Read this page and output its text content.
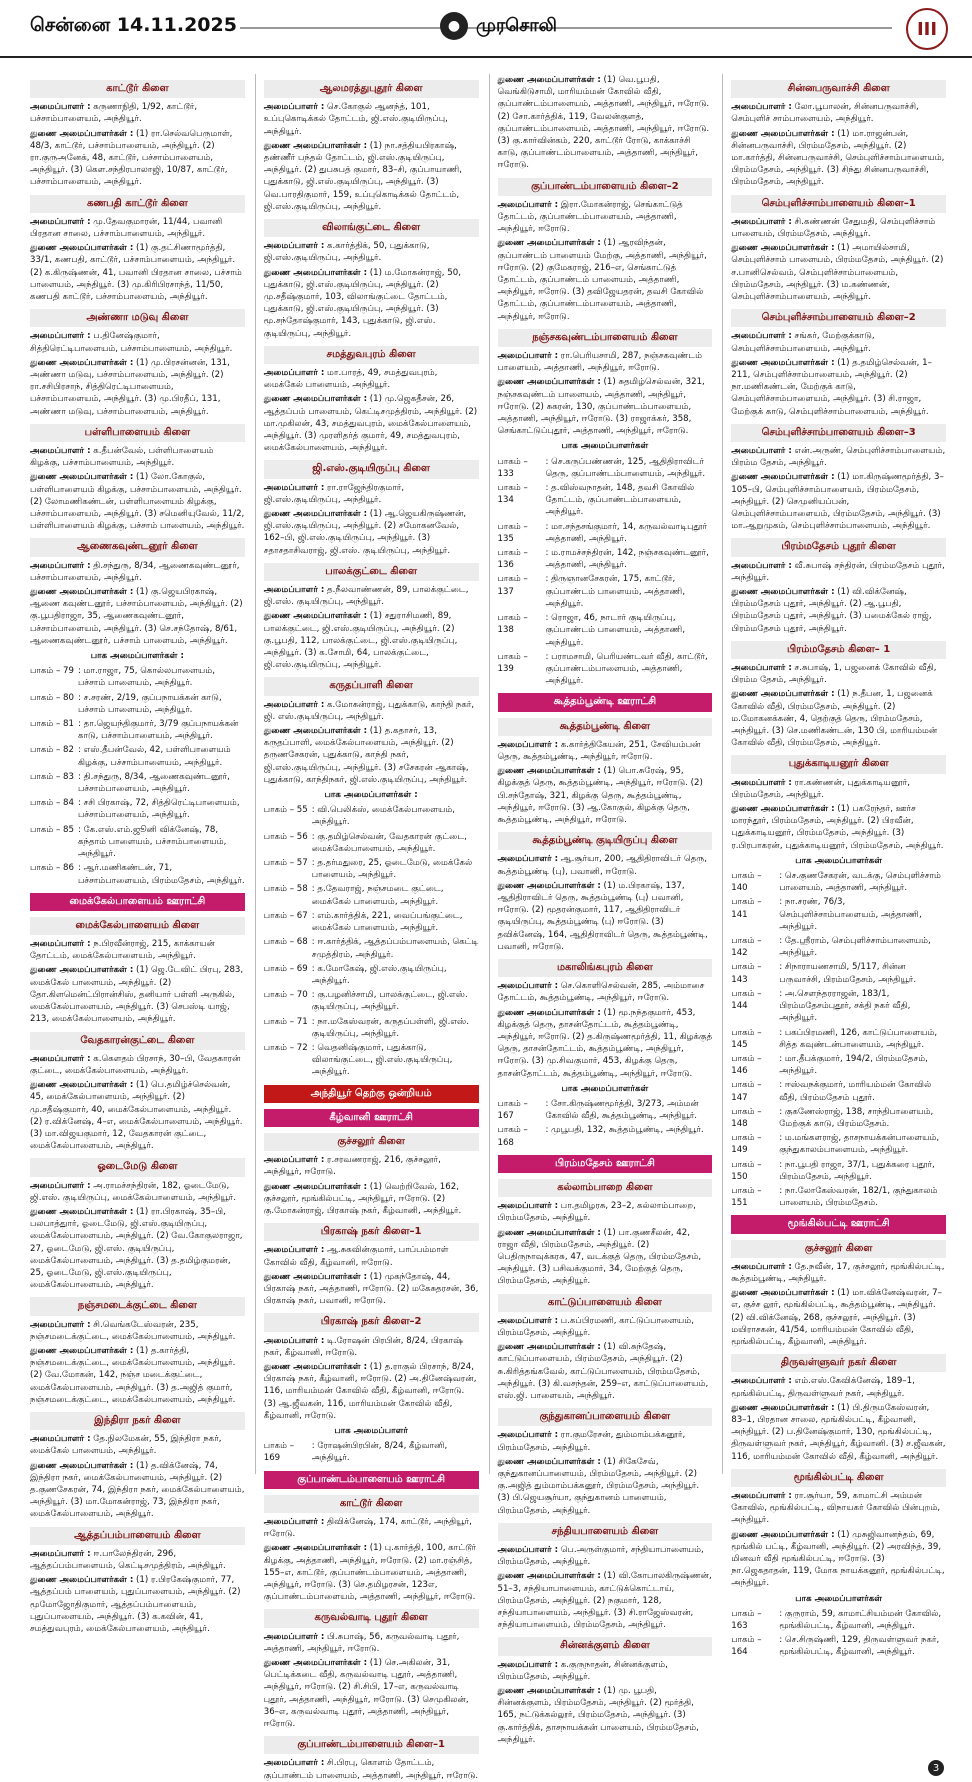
சென்னை 14.11.2025	● முரசொலி	III
காட்டூர் கிளை
அமைப்பாளர் : கருணாநிதி, 1/92, காட்டூர், பச்சாம்பாளையம், அந்தியூர்.
துணை அமைப்பாளர்கள் : (1) ரா.செல்வபெருமாள், 48/3, காட்டூர், பச்சாம்பாளையம், அந்தியூர். (2) ரா.குருஅனேக், 48, காட்டூர், பச்சாம்பாளையம், அந்தியூர். (3) கௌ.சந்திரபாலாஜி, 10/87, காட்டூர், பச்சாம்பாளையம், அந்தியூர்.
கணபதி காட்டூர் கிளை
அமைப்பாளர் : மு.தேவகுமாரன், 11/44, பவானி பிரதான சாலை, பச்சாம்பாளையம், அந்தியூர்.
துணை அமைப்பாளர்கள் : (1) கு.தட்சிணாமூர்த்தி, 33/1, கணபதி, காட்டூர், பச்சாம்பாளையம், அந்தியூர். (2) க.கிருஷ்ணன், 41, பவானி பிரதான சாலை, பச்சாம் பாளையம், அந்தியூர். (3) மு.கிரிபிரசாந்த், 11/50, கணபதி காட்டூர், பச்சாம்பாளையம், அந்தியூர்.
அண்ணா மடுவு கிளை
அமைப்பாளர் : ப.தினேஷ்குமார், சித்திரெட்டிபாளையம், பச்சாம்பாளையம், அந்தியூர்.
துணை அமைப்பாளர்கள் : (1) மு.பிரசன்னன், 131, அண்ணா மடுவு, பச்சாம்பாளையம், அந்தியூர். (2) ரா.சசிபிரசாந், சித்திரெட்டிபாளையம், பச்சாம்பாளையம், அந்தியூர். (3) மு.பிரதீப், 131, அண்ணா மடுவு, பச்சாம்பாளையம், அந்தியூர்.
பள்ளிபாளையம் கிளை
அமைப்பாளர் : க.தீபன்வேல், பள்ளிபாளையம் கிழக்கு, பச்சாம்பாளையம், அந்தியூர்.
துணை அமைப்பாளர்கள் : (1) லோ.கோகுல், பள்ளிபாளையம் கிழக்கு, பச்சாம்பாளையம், அந்தியூர். (2) லோமணிகண்டன், பள்ளிபாளையம் கிழக்கு, பச்சாம்பாளையம், அந்தியூர். (3) சமெனியுவேல், 11/2, பள்ளிபாளையம் கிழக்கு, பச்சாம் பாளையம், அந்தியூர்.
ஆணைகவுண்டனூர் கிளை
அமைப்பாளர் : தி.சந்துரு, 8/34, ஆணைகவுண்டனூர், பச்சாம்பாளையம், அந்தியூர்.
துணை அமைப்பாளர்கள் : (1) கு.ஜெயபிரகாஷ், ஆணை கவுண்டனூர், பச்சாம்பாளையம், அந்தியூர். (2) கு.பூபதிராஜா, 35, ஆணைகவுண்டனூர், பச்சாம்பாளையம், அந்தியூர். (3) செ.சந்தோஷ், 8/61, ஆணைகவுண்டனூர், பச்சாம் பாளையம், அந்தியூர்.
பாக அமைப்பாளர்கள் :
பாகம் – 79 : மா.ராஜா, 75, கொல்லபாளையம், பச்சாம் பாளையம், அந்தியூர்.
பாகம் – 80 : ச.சரண், 2/19, குப்பநாயக்கன் காடு, பச்சாம் பாளையம், அந்தியூர்.
பாகம் – 81 : தா.ஜெயந்திகுமார், 3/79 குப்பநாயக்கன் காடு, பச்சாம்பாளையம், அந்தியூர்.
பாகம் – 82 : எஸ்.தீபன்வேல், 42, பள்ளிபாளையம் கிழக்கு, பச்சாம்பாளையம், அந்தியூர்.
பாகம் – 83 : தி.சந்துரு, 8/34, ஆணைகவுண்டனூர், பச்சாம்பாளையம், அந்தியூர்.
பாகம் – 84 : சசி பிரகாஷ், 72, சித்திரெட்டிபாளையம், பச்சாம்பாளையம், அந்தியூர்.
பாகம் – 85 : கே.எஸ்.எம்.ஜூனி விக்னேஷ், 78, கந்தாம் பாளையம், பச்சாம்பாளையம், அந்தியூர்.
பாகம் – 86 : ஆர்.மணிகண்டன், 71, பச்சாம்பாளையம், பிரம்மதேசம், அந்தியூர்.
மைக்கேல்பாளையம் ஊராட்சி
மைக்கேல்பாளையம் கிளை
அமைப்பாளர் : ந.பிரவீன்ராஜ், 215, காக்காயன் தோட்டம், மைக்கேல்பாளையம், அந்தியூர்.
துணை அமைப்பாளர்கள் : (1) ஜெ.டேவிட் பிரபு, 283, மைக்கேல் பாளையம், அந்தியூர். (2) தோ.கிளமென்ட்பிரான்சிஸ், தனியார் பள்ளி அருகில், மைக்கேல்பாளையம், அந்தியூர். (3) செபஸ்டி யாஜ், 213, மைக்கேல்பாளையம், அந்தியூர்.
வேதகாரன்குட்டை கிளை
அமைப்பாளர் : க.கௌதம் பிரசாந், 30–பி, வேதகாரன் குட்டை, மைக்கேல்பாளையம், அந்தியூர்.
துணை அமைப்பாளர்கள் : (1) பெ.தமிழ்ச்செல்வன், 45, மைக்கேல்பாளையம், அந்தியூர். (2) மு.சதீஷ்குமார், 40, மைக்கேல்பாளையம், அந்தியூர். (2) ர.விக்னேஷ், 4–எ, மைக்கேல்பாளையம், அந்தியூர். (3) மா.விஜயகுமார், 12, வேதகாரன் குட்டை, மைக்கேல்பாளையம், அந்தியூர்.
ஓடைமேடு கிளை
அமைப்பாளர் : அ.ராமச்சந்திரன், 182, ஓடைமேடு, ஜி.எஸ். குடியிருப்பு, மைக்கேல்பாளையம், அந்தியூர்.
துணை அமைப்பாளர்கள் : (1) ரா.பிரகாஷ், 35–பி, பலபாத்துார், ஓடைமேடு, ஜி.எஸ்.குடியிருப்பு, மைக்கேல்பாளையம், அந்தியூர். (2) வே.கோகுலராஜா, 27, ஓடைமேடு, ஜி.எஸ். குடியிருப்பு, மைக்கேல்பாளையம், அந்தியூர். (3) த.தமிழ்குமரன், 25, ஓடைமேடு, ஜி.எஸ்.குடியிருப்பு, மைக்கேல்பாளையம், அந்தியூர்.
நஞ்சமடைக்குட்டை கிளை
அமைப்பாளர் : சி.வெங்கடேஸ்வரன், 235, நஞ்சமடைக்குட்டை, மைக்கேல்பாளையம், அந்தியூர்.
துணை அமைப்பாளர்கள் : (1) த.கார்த்தி, நஞ்சமடைக்குட்டை, மைக்கேல்பாளையம், அந்தியூர். (2) வே.மோகன், 142, நஞ்ச மடைக்குட்டை, மைக்கேல்பாளையம், அந்தியூர். (3) த.அஜித் குமார், நஞ்சமடைக்குட்டை, மைக்கேல்பாளையம், அந்தியூர்.
இந்திரா நகர் கிளை
அமைப்பாளர் : தே.நிலமேகன், 55, இந்திரா நகர், மைக்கேல் பாளையம், அந்தியூர்.
துணை அமைப்பாளர்கள் : (1) த.விக்னேஷ், 74, இந்திரா நகர், மைக்கேல்பாளையம், அந்தியூர். (2) த.குணசேகரன், 74, இந்திரா நகர், மைக்கேல்பாளையம், அந்தியூர். (3) மா.மோகன்ராஜ், 73, இந்திரா நகர், மைக்கேல்பாளையம், அந்தியூர்.
ஆத்தப்பம்பாளையம் கிளை
அமைப்பாளர் : ஈ.பாலேந்திரன், 296, ஆத்தப்பம்பாளையம், கெட்டிசமுத்திரம், அந்தியூர்.
துணை அமைப்பாளர்கள் : (1) ர.பிரகேஷ்குமார், 77, ஆத்தப்பம் பாளையம், புதுப்பாளையம், அந்தியூர். (2) மூமோஜோதிகுமார், ஆத்தப்பம்பாளையம், புதுப்பாளையம், அந்தியூர். (3) க.கவின், 41, சமத்துவபுரம், மைக்கேல்பாளையம், அந்தியூர்.
ஆலமரத்துபுதூர் கிளை
அமைப்பாளர் : செ.கோகுல் ஆனந்த், 101, உப்புகொடிக்கல் தோட்டம், ஜி.எஸ்.குடியிருப்பு, அந்தியூர்.
துணை அமைப்பாளர்கள் : (1) நா.சத்தியபிரகாஷ், தண்ணீர் பந்தல் தோட்டம், ஜி.எஸ்.குடியிருப்பு, அந்தியூர். (2) துபசுபத் குமார், 83–சி, குப்பாயாணி, புதுக்காடு, ஜி.எஸ்.குடியிருப்பு, அந்தியூர். (3) வெ.பாரதிகுமார், 159, உப்புகொடிக்கல் தோட்டம், ஜி.எஸ்.குடியிருப்பு, அந்தியூர்.
விலாங்குட்டை கிளை
அமைப்பாளர் : க.கார்த்திக், 50, புதுக்காடு, ஜி.எஸ்.குடியிருப்பு, அந்தியூர்.
துணை அமைப்பாளர்கள் : (1) ம.மோகன்ராஜ், 50, புதுக்காடு, ஜி.எஸ்.குடியிருப்பு, அந்தியூர். (2) மு.சதீஷ்குமார், 103, விலாங்குட்டை தோட்டம், புதுக்காடு, ஜி.எஸ்.குடியிருப்பு, அந்தியூர். (3) மூ.சந்தோஷ்குமார், 143, புதுக்காடு, ஜி.எஸ். குடியிருப்பு, அந்தியூர்.
சமத்துவபுரம் கிளை
அமைப்பாளர் : மா.பாரத், 49, சமத்துவபுரம், மைக்கேல் பாளையம், அந்தியூர்.
துணை அமைப்பாளர்கள் : (1) மு.ஜெகதீசன், 26, ஆத்தப்பம் பாளையம், கெட்டிசமுத்திரம், அந்தியூர். (2) மா.முகிலன், 43, சமத்துவபுரம், மைக்கேல்பாளையம், அந்தியூர். (3) முரளிதர்த் குமார், 49, சமத்துவபுரம், மைக்கேல்பாளையம், அந்தியூர்.
ஜி.எஸ்.குடியிருப்பு கிளை
அமைப்பாளர் : ரா.ராஜேந்திரகுமார், ஜி.எஸ்.குடியிருப்பு, அந்தியூர்.
துணை அமைப்பாளர்கள் : (1) ஆ.ஜெயகிருஷ்ணன், ஜி.எஸ்.குடியிருப்பு, அந்தியூர். (2) சமோகனவேல், 162–பி, ஜி.எஸ்.குடியிருப்பு, அந்தியூர். (3) சதாசதாசிவராஜ், ஜி.எஸ். குடியிருப்பு, அந்தியூர்.
பாலக்குட்டை கிளை
அமைப்பாளர் : த.நீலவாண்ணன், 89, பாலக்குட்டை, ஜி.எஸ். குடியிருப்பு, அந்தியூர்.
துணை அமைப்பாளர்கள் : (1) சதுராசிமணி, 89, பாலக்குட்டை, ஜி.எஸ்.குடியிருப்பு, அந்தியூர். (2) கு.பூபதி, 112, பாலக்குட்டை, ஜி.எஸ்.குடியிருப்பு, அந்தியூர். (3) க.சோமி, 64, பாலக்குட்டை, ஜி.எஸ்.குடியிருப்பு, அந்தியூர்.
கருதப்பாளி கிளை
அமைப்பாளர் : க.மோகன்ராஜ், புதுக்காடு, காந்தி நகர், ஜி. எஸ்.குடியிருப்பு, அந்தியூர்.
துணை அமைப்பாளர்கள் : (1) த.கதாசர், 13, கருதப்பாளி, மைக்கேல்பாளையம், அந்தியூர். (2) தருணசேகரன், புதுக்காடு, காந்தி நகர், ஜி.எஸ்.குடியிருப்பு, அந்தியூர். (3) சசேகரன் ஆகாஷ், புதுக்காடு, காந்திநகர், ஜி.எஸ்.குடியிருப்பு, அந்தியூர்.
பாக அமைப்பாளர்கள் :
பாகம் – 55 : வி.பெலிக்ஸ், மைக்கேல்பாளையம், அந்தியூர்.
பாகம் – 56 : கு.தமிழ்செல்வன், வேதகாரன் குட்டை, மைக்கேல்பாளையம், அந்தியூர்.
பாகம் – 57 : த.தர்மதுரை, 25, ஓடைமேடு, மைக்கேல் பாளையம், அந்தியூர்.
பாகம் – 58 : த.தேவராஜ், நஞ்சமடை குட்டை, மைக்கேல் பாளையம், அந்தியூர்.
பாகம் – 67 : எம்.கார்த்திக், 221, வைப்பங்குட்டை, மைக்கேல் பாளையம், அந்தியூர்.
பாகம் – 68 : ஈ.கார்த்திக், ஆத்தப்பம்பாளையம், கெட்டி சமுத்திரம், அந்தியூர்.
பாகம் – 69 : க.மோகேஷ், ஜி.எஸ்.குடியிருப்பு, அந்தியூர்.
பாகம் – 70 : கு.பழனிச்சாமி, பாலக்குட்டை, ஜி.எஸ். குடியிருப்பு, அந்தியூர்.
பாகம் – 71 : நா.மகேஸ்வரன், கருதப்பள்ளி, ஜி.எஸ். குடியிருப்பு, அந்தியூர்.
பாகம் – 72 : வெதனிஷ்குமார், புதுக்காடு, விலாங்குட்டை, ஜி.எஸ்.குடியிருப்பு, அந்தியூர்.
அந்தியூர் தெற்கு ஒன்றியம்
கீழ்வானி ஊராட்சி
குச்சலூர் கிளை
அமைப்பாளர் : ர.சரவணராஜ், 216, குச்சலூர், அந்தியூர், ஈரோடு.
துணை அமைப்பாளர்கள் : (1) வெற்றிவேல், 162, குச்சலூர், மூங்கில்பட்டி, அந்தியூர், ஈரோடு. (2) கு.மோகன்ராஜ், பிரகாஷ் நகர், கீழ்வானி, அந்தியூர்.
பிரகாஷ் நகர் கிளை–1
அமைப்பாளர் : ஆ.சுகவின்குமார், பாப்பம்மாள் கோவில் வீதி, கீழ்வானி, ஈரோடு.
துணை அமைப்பாளர்கள் : (1) முகந்தோஷ், 44, பிரகாஷ் நகர், அத்தாணி, ஈரோடு. (2) மகேசுதரசன், 36, பிரகாஷ் நகர், பவானி, ஈரோடு.
பிரகாஷ் நகர் கிளை–2
அமைப்பாளர் : டி.ரோஷன் பிரபின், 8/24, பிரகாஷ் நகர், கீழ்வானி, ஈரோடு.
துணை அமைப்பாளர்கள் : (1) த.ராகுல் பிரசாந், 8/24, பிரகாஷ் நகர், கீழ்வானி, ஈரோடு. (2) அ.தினேஷ்வரன், 116, மாரியம்மன் கோவில் வீதி, கீழ்வானி, ஈரோடு. (3) ஆ.ஜீவகன், 116, மாரியம்மன் கோவில் வீதி, கீழ்வானி, ஈரோடு.
பாக அமைப்பாளர்
பாகம் – 169
: ரோஷன்பிரபின், 8/24, கீழ்வானி, அந்தியூர்.
குப்பாண்டம்பாளையம் ஊராட்சி
காட்டூர் கிளை
அமைப்பாளர் : திவிக்னேஷ், 174, காட்டூர், அந்தியூர், ஈரோடு.
துணை அமைப்பாளர்கள் : (1) பு.கார்த்தி, 100, காட்டூர் கிழக்கு, அத்தாணி, அந்தியூர், ஈரோடு. (2) மா.ரஞ்சித், 155–எ, காட்டூர், குப்பாண்டம்பாளையம், அத்தாணி, அந்தியூர், ஈரோடு. (3) செ.தமிழரசன், 123எ, குப்பாண்டம்பாளையம், அத்தாணி, அந்தியூர், ஈரோடு.
கருவல்வாடி புதூர் கிளை
அமைப்பாளர் : பி.சுபாஷ், 56, கருவல்வாடி புதூர், அத்தாணி, அந்தியூர், ஈரோடு.
துணை அமைப்பாளர்கள் : (1) செ.அகிலன், 31, பெட்டிக்கடை வீதி, கருவல்வாடி புதூர், அத்தாணி, அந்தியூர், ஈரோடு. (2) சி.சிபி, 17–எ, கருவல்வாடி புதூர், அத்தாணி, அந்தியூர், ஈரோடு. (3) செமுகிலன், 36–எ, கருவல்வாடி புதூர், அத்தாணி, அந்தியூர், ஈரோடு.
குப்பாண்டம்பாளையம் கிளை–1
அமைப்பாளர் : சி.பிரபு, கொளம் தோட்டம், குப்பாண்டம் பாளையம், அத்தாணி, அந்தியூர், ஈரோடு.
துணை அமைப்பாளர்கள் : (1) வெ.பூபதி, வெங்கிடுசாமி, மாரியம்மன் கோவில் வீதி, குப்பாண்டம்பாளையம், அத்தாணி, அந்தியூர், ஈரோடு. (2) சோ.கார்த்திக், 119, வேலன்குளத், குப்பாண்டம்பாளையம், அத்தாணி, அந்தியூர், ஈரோடு. (3) கு.கார்வின்கம், 220, காட்டூர் ரோடு, காக்காச்சி காடு, குப்பாண்டம்பாளையம், அத்தாணி, அந்தியூர், ஈரோடு.
குப்பாண்டம்பாளையம் கிளை–2
அமைப்பாளர் : இரா.மோகன்ராஜ், செங்காட்டுத் தோட்டம், குப்பாண்டம்பாளையம், அத்தாணி, அந்தியூர், ஈரோடு.
துணை அமைப்பாளர்கள் : (1) ஆரவிந்தன், குப்பாண்டம் பாளையம் மேற்கு, அத்தாணி, அந்தியூர், ஈரோடு. (2) குமேகராஜ், 216–எ, செங்காட்டுத் தோட்டம், குப்பாண்டம் பாளையம், அத்தாணி, அந்தியூர், ஈரோடு. (3) தவிஜேயதரன், தவசி கோவில் தோட்டம், குப்பாண்டம்பாளையம், அத்தாணி, அந்தியூர், ஈரோடு.
நஞ்சகவுண்டம்பாளையம் கிளை
அமைப்பாளர் : ரா.பெரியசாமி, 287, நஞ்சகவுண்டம் பாளையம், அத்தாணி, அந்தியூர், ஈரோடு.
துணை அமைப்பாளர்கள் : (1) சுதமிழ்செல்வன், 321, நஞ்சகவுண்டம் பாளையம், அத்தாணி, அந்தியூர், ஈரோடு. (2) சுகரன், 130, குப்பாண்டம்பாளையம், அத்தாணி, அந்தியூர், ஈரோடு. (3) ராஜாக்கர், 358, செங்காட்டுப்புதூர், அத்தாணி, அந்தியூர், ஈரோடு.
பாக அமைப்பாளர்கள்
பாகம் – 133
: செ.கருப்பண்ணன், 125, ஆதிதிராவிடர் தெரு, குப்பாண்டம்பாளையம், அந்தியூர்.
பாகம் – 134
: த.விஸ்வநாதன், 148, தவசி கோவில் தோட்டம், குப்பாண்டம்பாளையம், அந்தியூர்.
பாகம் – 135
: மா.சந்தசங்குமார், 14, கருவல்வாடிபுதூர் அத்தாணி, அந்தியூர்.
பாகம் – 136
: ம.ராமச்சந்திரன், 142, நஞ்சகவுண்டனூர், அத்தாணி, அந்தியூர்.
பாகம் – 137
: திருஞானசேகரன், 175, காட்டூர், குப்பாண்டம் பாளையம், அத்தாணி, அந்தியூர்.
பாகம் – 138
: ரொஜா, 46, நாடார் குடியிருப்பு, குப்பாண்டம் பாளையம், அத்தாணி, அந்தியூர்.
பாகம் – 139
: பராமசாமி, பெரியண்டவர் வீதி, காட்டூர், குப்பாண்டம்பாளையம், அத்தாணி, அந்தியூர்.
கூத்தம்பூண்டி ஊராட்சி
கூத்தம்பூண்டி கிளை
அமைப்பாளர் : க.கார்த்திகேயன், 251, சேவியம்பன் தெரு, கூத்தம்பூண்டி, அந்தியூர், ஈரோடு.
துணை அமைப்பாளர்கள் : (1) பொ.சுரேஷ், 95, கிழக்குத் தெரு, கூத்தம்பூண்டி, அந்தியூர், ஈரோடு. (2) பி.சந்தோஷ், 321, கிழக்கு தெரு, கூத்தம்பூண்டி, அந்தியூர், ஈரோடு. (3) ஆ.கோகுல், கிழக்கு தெரு, கூத்தம்பூண்டி, அந்தியூர், ஈரோடு.
கூத்தம்பூண்டி குடியிருப்பு கிளை
அமைப்பாளர் : ஆ.சூர்யா, 200, ஆதிதிராவிடர் தெரு, கூத்தம்பூண்டி (பு), பவானி, ஈரோடு.
துணை அமைப்பாளர்கள் : (1) ம.பிரகாஷ், 137, ஆதிதிராவிடர் தெரு, கூத்தம்பூண்டி (பு) பவானி, ஈரோடு. (2) மூதரன்குமார், 117, ஆதிதிராவிடர் குடியிருப்பு, கூத்தம்பூண்டி (பு) ஈரோடு. (3) தவிக்னேஷ், 164, ஆதிதிராவிடர் தெரு, கூத்தம்பூண்டி, பவானி, ஈரோடு.
மகாலிங்கபுரம் கிளை
அமைப்பாளர் : செ.கொளிசெல்வன், 285, அம்மாசை தோட்டம், கூத்தம்பூண்டி, அந்தியூர், ஈரோடு.
துணை அமைப்பாளர்கள் : (1) மூ.நந்தகுமார், 453, கிழக்குத் தெரு, தாசன்தோட்டம், கூத்தம்பூண்டி, அந்தியூர், ஈரோடு. (2) த.கிருஷ்ணமூர்த்தி, 11, கிழக்குத் தெரு, தாசன்தோட்டம், கூத்தம்பூண்டி, அந்தியூர், ஈரோடு. (3) மு.சிவகுமார், 453, கிழக்கு தெரு, தாசன்தோட்டம், கூத்தம்பூண்டி, அந்தியூர், ஈரோடு.
பாக அமைப்பாளர்கள்
பாகம் – 167
: சோ.கிருஷ்ணமூர்த்தி, 3/273, அம்மன் கோவில் வீதி, கூத்தம்பூண்டி, அந்தியூர்.
பாகம் – 168
: முபூபதி, 132, கூத்தம்பூண்டி, அந்தியூர்.
பிரம்மதேசம் ஊராட்சி
கல்லாம்பாறை கிளை
அமைப்பாளர் : பா.தமிழரசு, 23–2, கல்லாம்பாறை, பிரம்மதேசம், அந்தியூர்.
துணை அமைப்பாளர்கள் : (1) பா.குணசீலன், 42, ராஜா வீதி, பிரம்மதேசம், அந்தியூர். (2) பெதிருநாவுக்கரசு, 47, வடக்குத் தெரு, பிரம்மதேசம், அந்தியூர். (3) பசிவக்குமார், 34, மேற்குத் தெரு, பிரம்மதேசம், அந்தியூர்.
காட்டுப்பாளையம் கிளை
அமைப்பாளர் : ப.கப்பிரமணி, காட்டுப்பாளையம், பிரம்மதேசம், அந்தியூர்.
துணை அமைப்பாளர்கள் : (1) வி.சுந்தேஷ், காட்டுப்பாளையம், பிரம்மதேசம், அந்தியூர். (2) சு.கிரித்தங்கவேல், காட்டுப்பாளையம், பிரம்மதேசம், அந்தியூர். (3) கி.வசந்தன், 259–எ, காட்டுப்பாளையம், எஸ்.ஜி. பாளையம், அந்தியூர்.
குந்துகானப்பாளையம் கிளை
அமைப்பாளர் : ரா.குமரேசன், தும்மாம்பக்கனூர், பிரம்மதேசம், அந்தியூர்.
துணை அமைப்பாளர்கள் : (1) சிகேசேவ், குந்துகானப்பாளையம், பிரம்மதேசம், அந்தியூர். (2) கு.அஜித் தும்மாம்பக்கனூர், பிரம்மதேசம், அந்தியூர். (3) பி.ஜெயசூர்யா, குந்துகானம் பாளையம், பிரம்மதேசம், அந்தியூர்.
சந்தியபாளையம் கிளை
அமைப்பாளர் : பெ.அருள்குமார், சந்தியாபாளையம், பிரம்மதேசம், அந்தியூர்.
துணை அமைப்பாளர்கள் : (1) வி.கோபாலகிருஷ்ணன், 51–3, சந்தியாபாளையம், காட்டுக்கொட்டாய், பிரம்மதேசம், அந்தியூர். (2) நகுமார், 128, சந்தியாபாளையம், அந்தியூர். (3) சி.ராஜேஸ்வரன், சந்தியாபாளையம், பிரம்மதேசம், அந்தியூர்.
சின்னக்குளம் கிளை
அமைப்பாளர் : க.குருநாதன், சின்னக்குளம், பிரம்மதேசம், அந்தியூர்.
துணை அமைப்பாளர்கள் : (1) மு. பூபதி, சின்னக்குளம், பிரம்மதேசம், அந்தியூர். (2) மூர்த்தி, 165, நட்டுக்கல்லூர், பிரம்மதேசம், அந்தியூர். (3) கு.கார்த்திக், தாசநாயக்கன் பாளையம், பிரம்மதேசம், அந்தியூர்.
சின்னபருவாச்சி கிளை
அமைப்பாளர் : லோ.பூபாலன், சின்னபருவாச்சி, செம்புளிச் சாம்பாளையம், அந்தியூர்.
துணை அமைப்பாளர்கள் : (1) மா.ராஜன்பன், சின்னபருவாச்சி, பிரம்மதேசம், அந்தியூர். (2) மா.கார்த்தி, சின்னபருவாச்சி, செம்புளிச்சாம்பாளையம், பிரம்மதேசம், அந்தியூர். (3) சிந்து சின்னபருவாச்சி, பிரம்மதேசம், அந்தியூர்.
செம்புளிச்சாம்பாளையம் கிளை–1
அமைப்பாளர் : சி.கண்ணன் சேதுமதி, செம்புளிச்சாம் பாளையம், பிரம்மதேசம், அந்தியூர்.
துணை அமைப்பாளர்கள் : (1) அமாயில்சாமி, செம்புளிச்சாம் பாளையம், பிரம்மதேசம், அந்தியூர். (2) ச.பானிசெல்வம், செம்புளிச்சாம்பாளையம், பிரம்மதேசம், அந்தியூர். (3) ம.கண்ணன், செம்புளிச்சாம்பாளையம், அந்தியூர்.
செம்புளிச்சாம்பாளையம் கிளை–2
அமைப்பாளர் : சங்கர், மேற்குக்காடு, செம்புளிச்சாம்பாளையம், அந்தியூர்.
துணை அமைப்பாளர்கள் : (1) த.தமிழ்செல்வன், 1–211, செம்புளிச்சாம்பாளையம், அந்தியூர். (2) நா.மணிகண்டன், மேற்குக் காடு, செம்புளிச்சாம்பாளையம், அந்தியூர். (3) சி.ராஜா, மேற்குக் காடு, செம்புளிச்சாம்பாளையம், அந்தியூர்.
செம்புளிச்சாம்பாளையம் கிளை–3
அமைப்பாளர் : என்.அருண், செம்புளிச்சாம்பாளையம், பிரம்ம தேசம், அந்தியூர்.
துணை அமைப்பாளர்கள் : (1) மா.கிருஷ்ணமூர்த்தி, 3–105–பி, செம்புளிச்சாம்பாளையம், பிரம்மதேசம், அந்தியூர். (2) செமுனியப்பன், செம்புளிச்சாம்பாளையம், பிரம்மதேசம், அந்தியூர். (3) மா.ஆறுமுகம், செம்புளிச்சாம்பாளையம், அந்தியூர்.
பிரம்மதேசம் புதூர் கிளை
அமைப்பாளர் : வீ.சுபாஷ் சந்திரன், பிரம்மதேசம் புதூர், அந்தியூர்.
துணை அமைப்பாளர்கள் : (1) வி.விக்னேஷ், பிரம்மதேசம் புதூர், அந்தியூர். (2) ஆ.பூபதி, பிரம்மதேசம் புதூர், அந்தியூர். (3) பமைக்கேல் ராஜ், பிரம்மதேசம் புதூர், அந்தியூர்.
பிரம்மதேசம் கிளை– 1
அமைப்பாளர் : ச.சுபாஷ், 1, பஜனைக் கோவில் வீதி, பிரம்ம தேசம், அந்தியூர்.
துணை அமைப்பாளர்கள் : (1) ந.தீபன, 1, பஜனைக் கோவில் வீதி, பிரம்மதேசம், அந்தியூர். (2) ம.மோகனக்கண், 4, தெற்குத் தெரு, பிரம்மதேசம், அந்தியூர். (3) செ.மணிகண்டன், 130 பி, மாரியம்மன் கோவில் வீதி, பிரம்மதேசம், அந்தியூர்.
புதுக்காடியனூர் கிளை
அமைப்பாளர் : ரா.கண்ணன், புதுக்காடியனூர், பிரம்மதேசம், அந்தியூர்.
துணை அமைப்பாளர்கள் : (1) பகரேந்தர், ஊர்ச மாரந்தூர், பிரம்மதேசம், அந்தியூர். (2) பிரவீன், புதுக்காடியனூர், பிரம்மதேசம், அந்தியூர். (3) ர.பிரபாகரன், புதுக்காடியனூர், பிரம்மதேசம், அந்தியூர்.
பாக அமைப்பாளர்கள்
பாகம் – 140
: செ.குணசேகரன், வடக்கு, செம்புளிச்சாம் பாளையம், அத்தாணி, அந்தியூர்.
பாகம் – 141
: நா.சரண், 76/3, செம்புளிச்சாம்பாளையம், அத்தாணி, அந்தியூர்.
பாகம் – 142
: தே.ஸ்ரீராம், செம்புளிச்சாம்பாளையம், அந்தியூர்.
பாகம் – 143
: சிநாராயணசாமி, 5/117, சின்ன பருவாச்சி, பிரம்மதேசம், அந்தியூர்.
பாகம் – 144
: அ.சௌந்தரராஜன், 183/1, பிரம்மதேசம்புதூர், சக்தி நகர் வீதி, அந்தியூர்.
பாகம் – 145
: பகப்பிரமணி, 126, காட்டுப்பாளையம், சித்த கவுண்டன்பாளையம், அந்தியூர்.
பாகம் – 146
: மா.தீபக்குமார், 194/2, பிரம்மதேசம், அந்தியூர்.
பாகம் – 147
: ஈஸ்வநக்குமார், மாரியம்மன் கோவில் வீதி, பிரம்மதேசம் புதூர்.
பாகம் – 148
: குகணேஸ்ராஜ், 138, சாந்திபாளையம், மேற்குக் காடு, பிரம்மதேசம்.
பாகம் – 149
: ம.மங்களராஜ், தாசநாயக்கன்பாளையம், குந்துகாலம்பாளையம், அந்தியூர்.
பாகம் – 150
: நா.பூபதி ராஜா, 37/1, புதுக்கரை புதூர், பிரம்மதேசம், அந்தியூர்.
பாகம் – 151
: நா.லோகேஸ்வரன், 182/1, குந்துகாலம் பாளையம், பிரம்மதேசம்.
மூங்கில்பட்டி ஊராட்சி
குச்சலூர் கிளை
அமைப்பாளர் : தே.நவீன், 17, குச்சலூர், மூங்கில்பட்டி, கூத்தம்பூண்டி, அந்தியூர்.
துணை அமைப்பாளர்கள் : (1) மா.விக்னேஷ்வரன், 7–எ, குச்ச லூர், மூங்கில்பட்டி, கூத்தம்பூண்டி, அந்தியூர். (2) வி.விக்னேஷ், 268, குச்சலூர், அந்தியூர். (3) மயிராசகன், 41/54, மாரியம்மன் கோவில் வீதி, மூங்கில்பட்டி, கீழ்வானி, அந்தியூர்.
திருவள்ளுவர் நகர் கிளை
அமைப்பாளர் : எம்.எஸ்.கேவிக்னேஷ், 189–1, மூங்கில்பட்டி, திருவள்ளுவர் நகர், அந்தியூர்.
துணை அமைப்பாளர்கள் : (1) பி.திருமகேஸ்வரன், 83–1, பிரதான சாலை, மூங்கில்பட்டி, கீழ்வானி, அந்தியூர். (2) ப.தினேஷ்குமார், 130, மூங்கில்பட்டி, திருவள்ளுவர் நகர், அந்தியூர், கீழ்வானி. (3) ச.ஜீவகன், 116, மாரியம்மன் கோவில் வீதி, கீழ்வானி, அந்தியூர்.
மூங்கில்பட்டி கிளை
அமைப்பாளர் : ரா.சூர்யா, 59, காமாட்சி அம்மன் கோவில், மூங்கில்பட்டி, விநாயகர் கோவில் பின்புறம், அந்தியூர்.
துணை அமைப்பாளர்கள் : (1) முசுஜிவானந்தம், 69, மூங்கில் பட்டி, கீழ்வானி, அந்தியூர். (2) அரவிந்த், 39, மினவர் வீதி மூங்கில்பட்டி, ஈரோடு. (3) நா.ஜெகதாதன், 119, மோக நாயக்கனூர், மூங்கில்பட்டி, அந்தியூர்.
பாக அமைப்பாளர்கள்
பாகம் – 163
: குருராம், 59, காமாட்சியம்மன் கோவில், மூங்கில்பட்டி, கீழ்வானி, அந்தியூர்.
பாகம் – 164
: செ.சிருஷ்ணி, 129, திருவள்ளுவர் நகர், மூங்கில்பட்டி, கீழ்வானி, அந்தியூர்.
3
